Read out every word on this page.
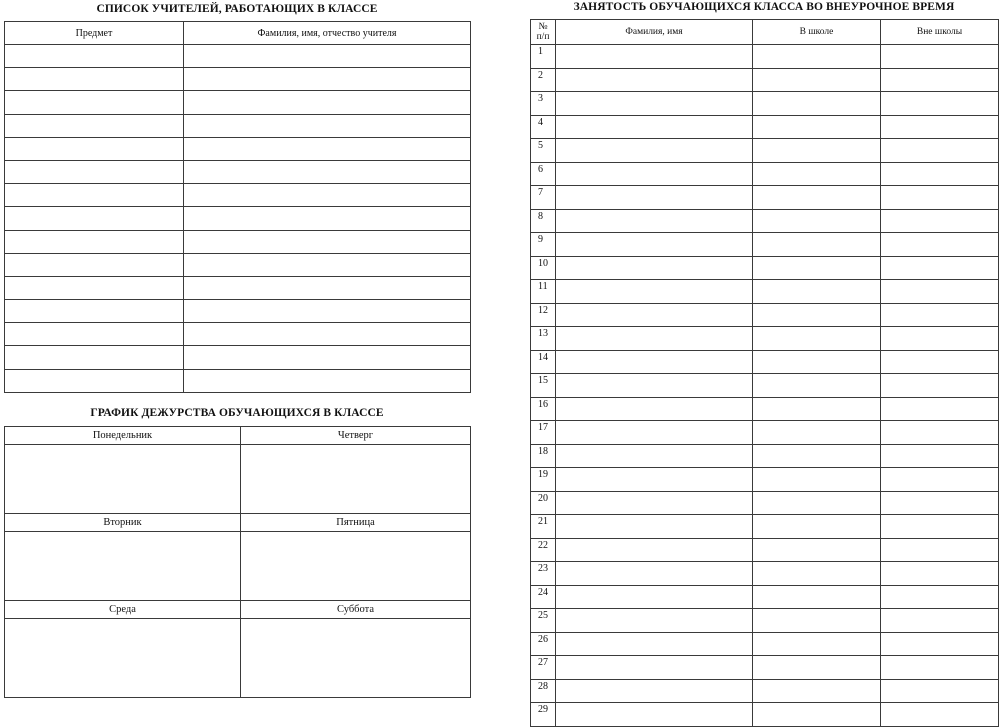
СПИСОК УЧИТЕЛЕЙ, РАБОТАЮЩИХ В КЛАССЕ
Предмет	Фамилия, имя, отчество учителя

ГРАФИК ДЕЖУРСТВА ОБУЧАЮЩИХСЯ В КЛАССЕ
Понедельник	Четверг

Вторник	Пятница

Среда	Суббота

ЗАНЯТОСТЬ ОБУЧАЮЩИХСЯ КЛАССА ВО ВНЕУРОЧНОЕ ВРЕМЯ
№
п/п	Фамилия, имя	В школе	Вне школы
1			
2			
3			
4			
5			
6			
7			
8			
9			
10			
11			
12			
13			
14			
15			
16			
17			
18			
19			
20			
21			
22			
23			
24			
25			
26			
27			
28			
29			
